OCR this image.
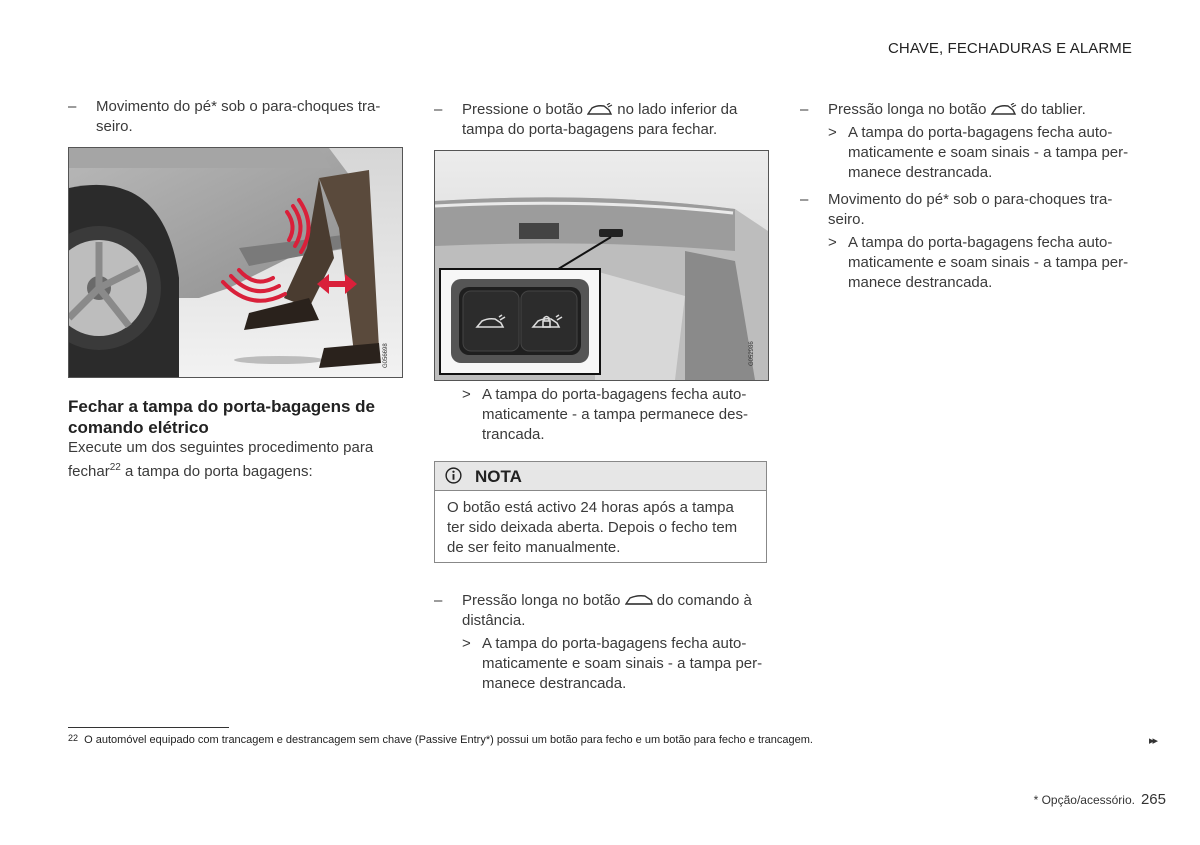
CHAVE, FECHADURAS E ALARME
– Movimento do pé* sob o para-choques tra-
seiro.
G056698
Fechar a tampa do porta-bagagens de
comando elétrico
Execute um dos seguintes procedimento para
fechar$^{22}$ a tampa do porta bagagens:
– Pressione o botão no lado inferior da
tampa do porta-bagagens para fechar.
G052986
> A tampa do porta-bagagens fecha auto-
maticamente - a tampa permanece des-
trancada.
NOTA
O botão está activo 24 horas após a tampa
ter sido deixada aberta. Depois o fecho tem
de ser feito manualmente.
– Pressão longa no botão do comando à
distância.
> A tampa do porta-bagagens fecha auto-
maticamente e soam sinais - a tampa per-
manece destrancada.
– Pressão longa no botão do tablier.
> A tampa do porta-bagagens fecha auto-
maticamente e soam sinais - a tampa per-
manece destrancada.
– Movimento do pé* sob o para-choques tra-
seiro.
> A tampa do porta-bagagens fecha auto-
maticamente e soam sinais - a tampa per-
manece destrancada.
22 O automóvel equipado com trancagem e destrancagem sem chave (Passive Entry*) possui um botão para fecho e um botão para fecho e trancagem.	▸▸
* Opção/acessório. 265
